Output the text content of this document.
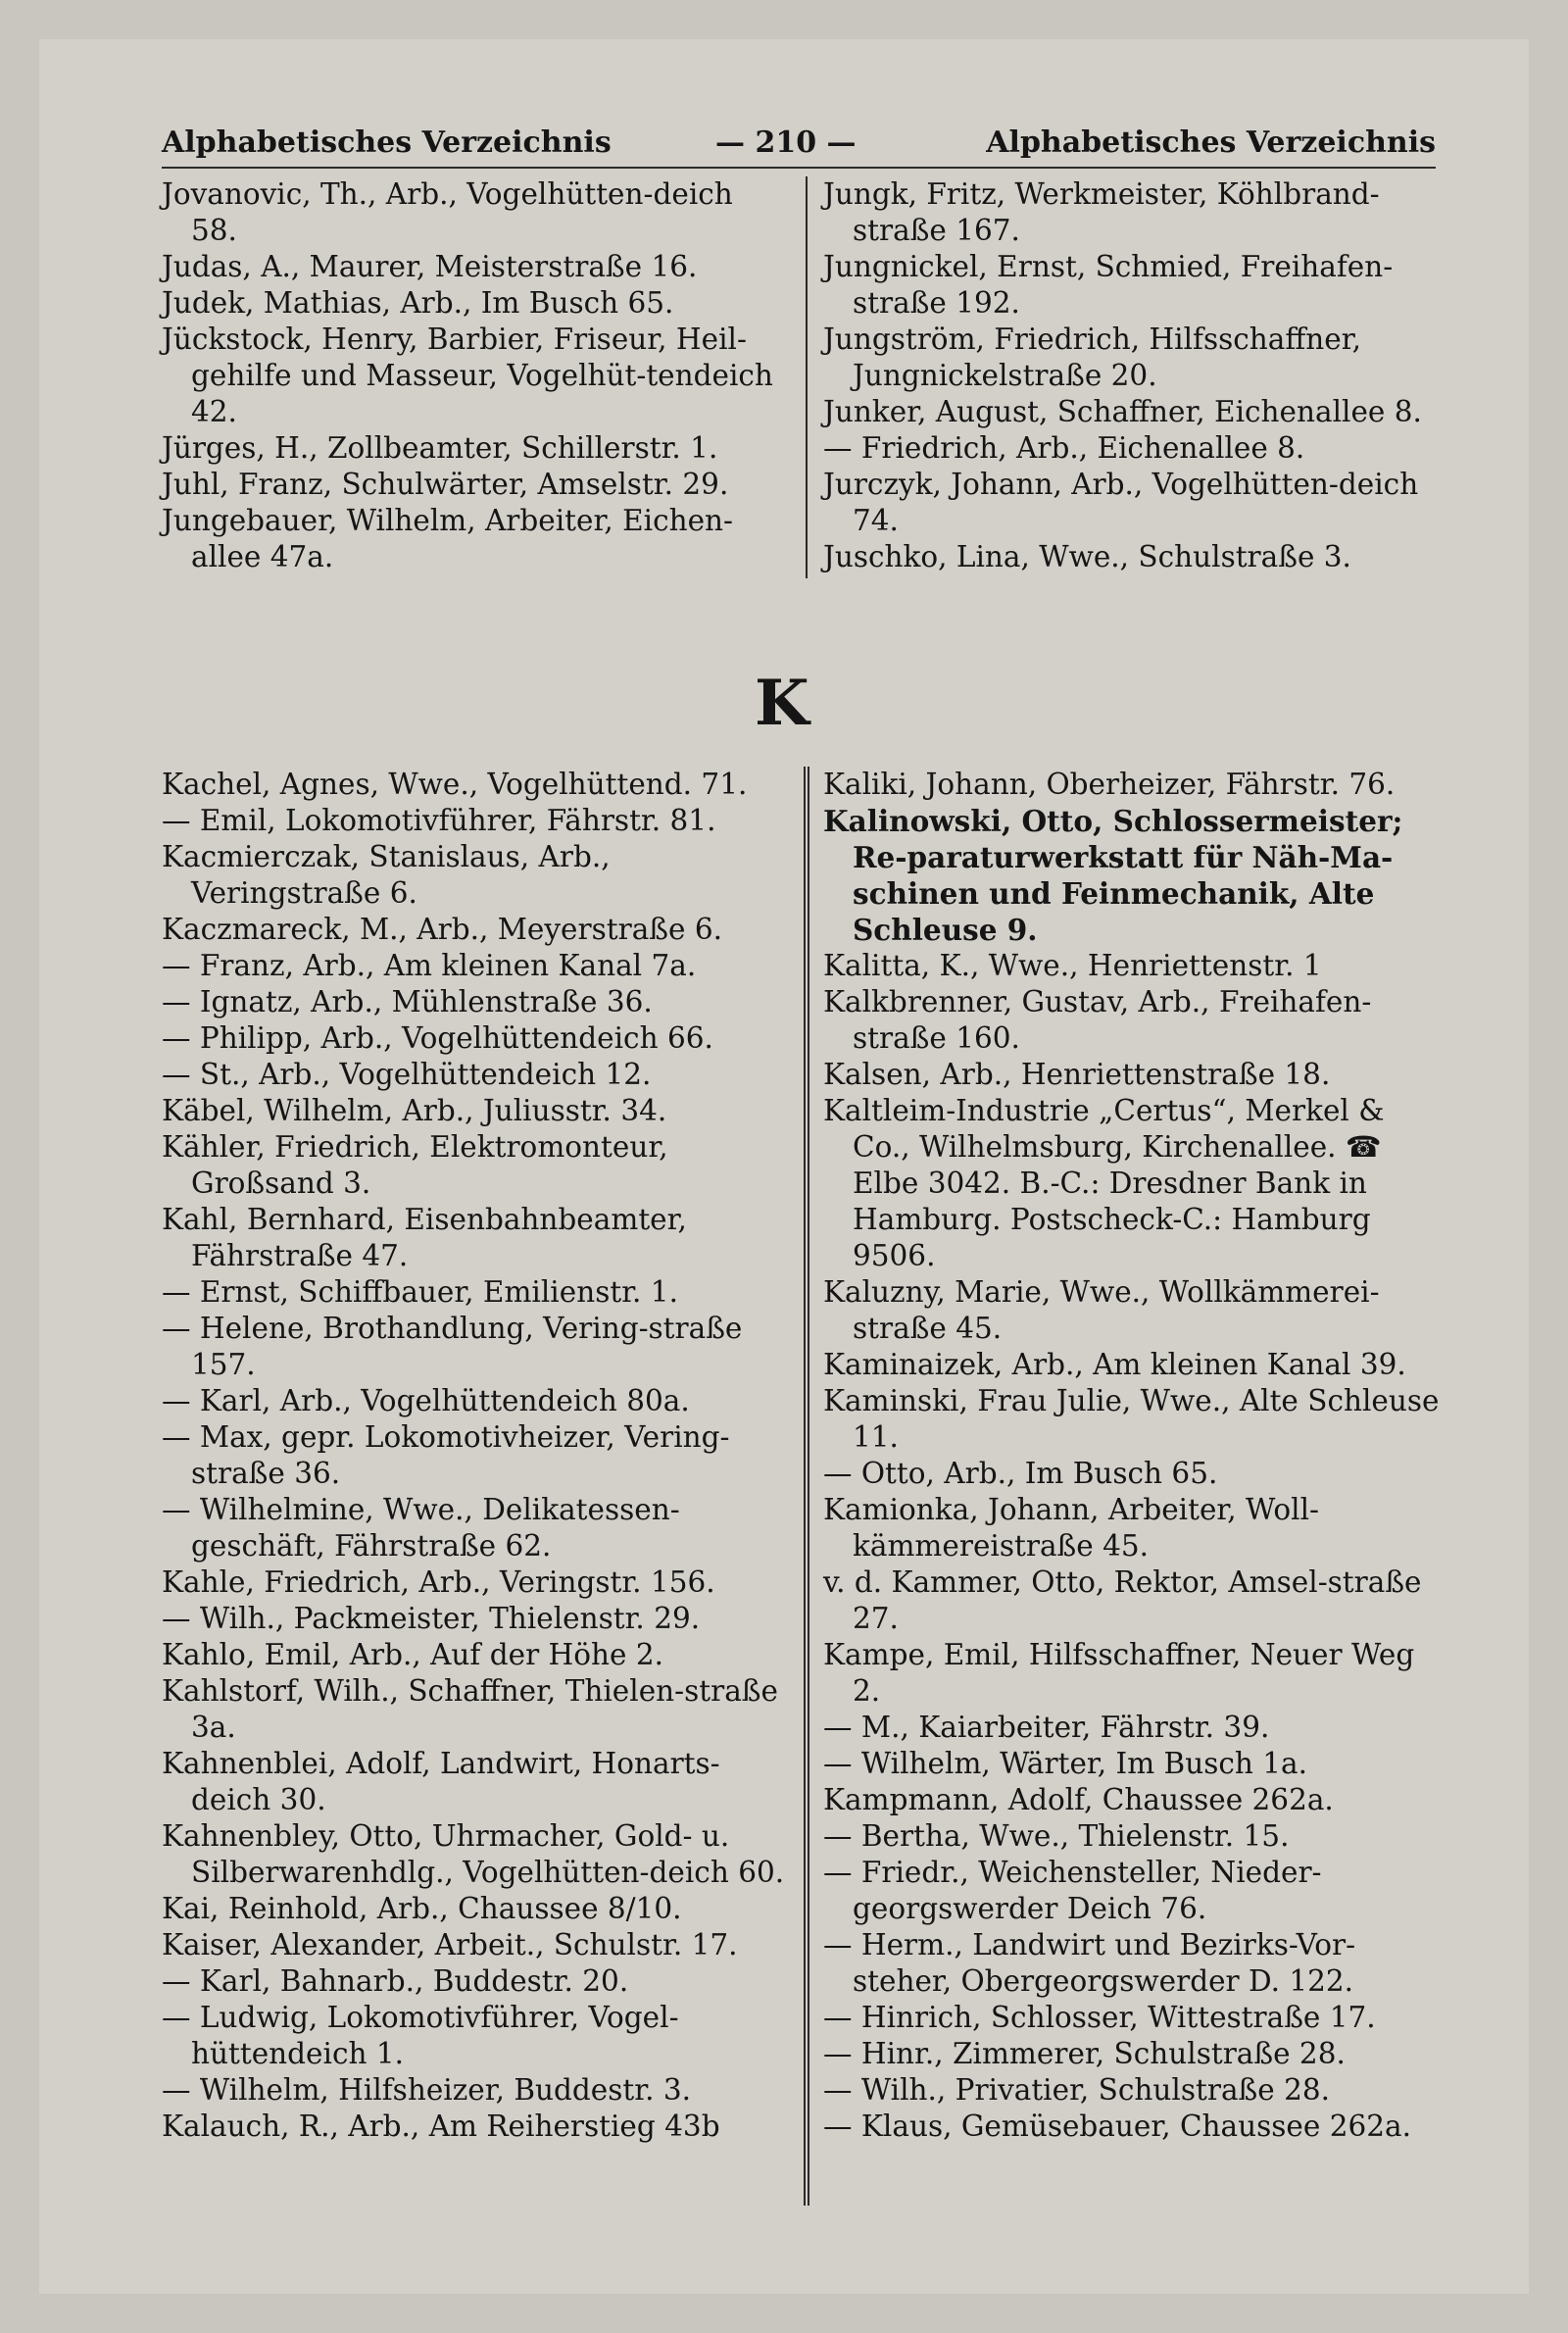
Alphabetisches Verzeichnis	— 210 —	Alphabetisches Verzeichnis
Jovanovic, Th., Arb., Vogelhütten-deich 58.
Judas, A., Maurer, Meisterstraße 16.
Judek, Mathias, Arb., Im Busch 65.
Jückstock, Henry, Barbier, Friseur, Heil-gehilfe und Masseur, Vogelhüt-tendeich 42.
Jürges, H., Zollbeamter, Schillerstr. 1.
Juhl, Franz, Schulwärter, Amselstr. 29.
Jungebauer, Wilhelm, Arbeiter, Eichen-allee 47a.
Jungk, Fritz, Werkmeister, Köhlbrand-straße 167.
Jungnickel, Ernst, Schmied, Freihafen-straße 192.
Jungström, Friedrich, Hilfsschaffner, Jungnickelstraße 20.
Junker, August, Schaffner, Eichenallee 8.
— Friedrich, Arb., Eichenallee 8.
Jurczyk, Johann, Arb., Vogelhütten-deich 74.
Juschko, Lina, Wwe., Schulstraße 3.
K
Kachel, Agnes, Wwe., Vogelhüttend. 71.
— Emil, Lokomotivführer, Fährstr. 81.
Kacmierczak, Stanislaus, Arb., Veringstraße 6.
Kaczmareck, M., Arb., Meyerstraße 6.
— Franz, Arb., Am kleinen Kanal 7a.
— Ignatz, Arb., Mühlenstraße 36.
— Philipp, Arb., Vogelhüttendeich 66.
— St., Arb., Vogelhüttendeich 12.
Käbel, Wilhelm, Arb., Juliusstr. 34.
Kähler, Friedrich, Elektromonteur, Großsand 3.
Kahl, Bernhard, Eisenbahnbeamter, Fährstraße 47.
— Ernst, Schiffbauer, Emilienstr. 1.
— Helene, Brothandlung, Vering-straße 157.
— Karl, Arb., Vogelhüttendeich 80a.
— Max, gepr. Lokomotivheizer, Vering-straße 36.
— Wilhelmine, Wwe., Delikatessen-geschäft, Fährstraße 62.
Kahle, Friedrich, Arb., Veringstr. 156.
— Wilh., Packmeister, Thielenstr. 29.
Kahlo, Emil, Arb., Auf der Höhe 2.
Kahlstorf, Wilh., Schaffner, Thielen-straße 3a.
Kahnenblei, Adolf, Landwirt, Honarts-deich 30.
Kahnenbley, Otto, Uhrmacher, Gold- u. Silberwarenhdlg., Vogelhütten-deich 60.
Kai, Reinhold, Arb., Chaussee 8/10.
Kaiser, Alexander, Arbeit., Schulstr. 17.
— Karl, Bahnarb., Buddestr. 20.
— Ludwig, Lokomotivführer, Vogel-hüttendeich 1.
— Wilhelm, Hilfsheizer, Buddestr. 3.
Kalauch, R., Arb., Am Reiherstieg 43b
Kaliki, Johann, Oberheizer, Fährstr. 76.
Kalinowski, Otto, Schlossermeister; Re-paraturwerkstatt für Näh-Ma-schinen und Feinmechanik, Alte Schleuse 9.
Kalitta, K., Wwe., Henriettenstr. 1
Kalkbrenner, Gustav, Arb., Freihafen-straße 160.
Kalsen, Arb., Henriettenstraße 18.
Kaltleim-Industrie „Certus“, Merkel & Co., Wilhelmsburg, Kirchenallee. ☎ Elbe 3042. B.-C.: Dresdner Bank in Hamburg. Postscheck-C.: Hamburg 9506.
Kaluzny, Marie, Wwe., Wollkämmerei-straße 45.
Kaminaizek, Arb., Am kleinen Kanal 39.
Kaminski, Frau Julie, Wwe., Alte Schleuse 11.
— Otto, Arb., Im Busch 65.
Kamionka, Johann, Arbeiter, Woll-kämmereistraße 45.
v. d. Kammer, Otto, Rektor, Amsel-straße 27.
Kampe, Emil, Hilfsschaffner, Neuer Weg 2.
— M., Kaiarbeiter, Fährstr. 39.
— Wilhelm, Wärter, Im Busch 1a.
Kampmann, Adolf, Chaussee 262a.
— Bertha, Wwe., Thielenstr. 15.
— Friedr., Weichensteller, Nieder-georgswerder Deich 76.
— Herm., Landwirt und Bezirks-Vor-steher, Obergeorgswerder D. 122.
— Hinrich, Schlosser, Wittestraße 17.
— Hinr., Zimmerer, Schulstraße 28.
— Wilh., Privatier, Schulstraße 28.
— Klaus, Gemüsebauer, Chaussee 262a.
